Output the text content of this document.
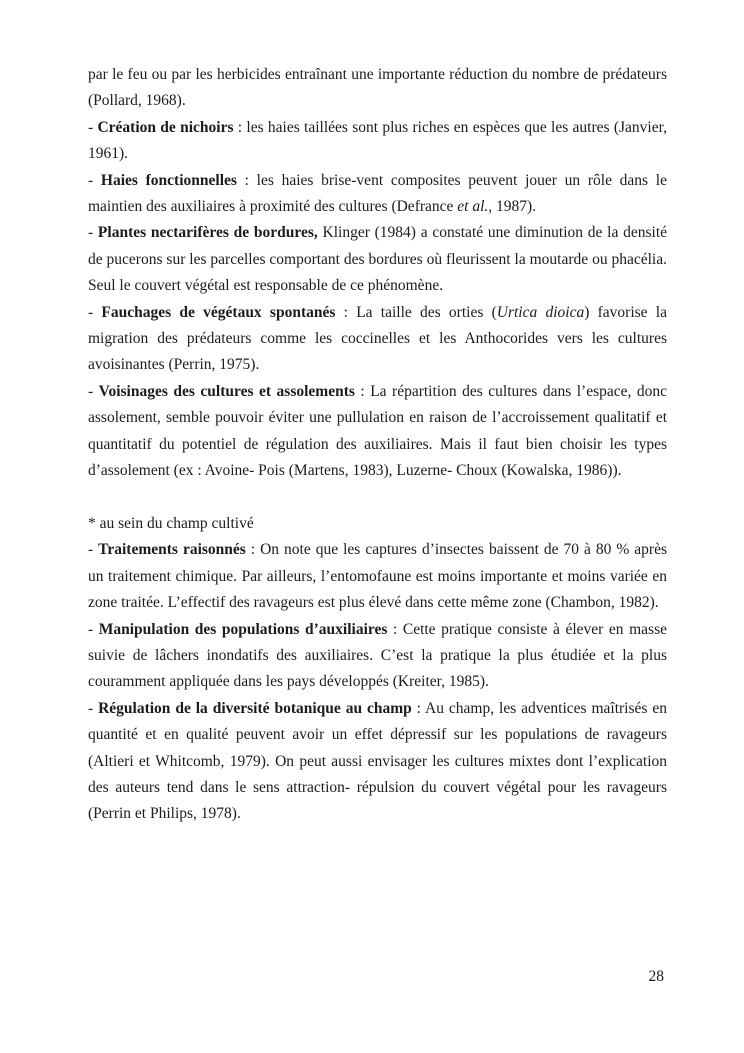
par le feu ou par les herbicides entraînant une importante réduction du nombre de prédateurs (Pollard, 1968).

- Création de nichoirs : les haies taillées sont plus riches en espèces que les autres (Janvier, 1961).

- Haies fonctionnelles : les haies brise-vent composites peuvent jouer un rôle dans le maintien des auxiliaires à proximité des cultures (Defrance et al., 1987).

- Plantes nectarifères de bordures, Klinger (1984) a constaté une diminution de la densité de pucerons sur les parcelles comportant des bordures où fleurissent la moutarde ou phacélia. Seul le couvert végétal est responsable de ce phénomène.

- Fauchages de végétaux spontanés : La taille des orties (Urtica dioica) favorise la migration des prédateurs comme les coccinelles et les Anthocorides vers les cultures avoisinantes (Perrin, 1975).

- Voisinages des cultures et assolements : La répartition des cultures dans l’espace, donc assolement, semble pouvoir éviter une pullulation en raison de l’accroissement qualitatif et quantitatif du potentiel de régulation des auxiliaires. Mais il faut bien choisir les types d’assolement (ex : Avoine- Pois (Martens, 1983), Luzerne- Choux (Kowalska, 1986)).

* au sein du champ cultivé

- Traitements raisonnés : On note que les captures d’insectes baissent de 70 à 80 % après un traitement chimique. Par ailleurs, l’entomofaune est moins importante et moins variée en zone traitée. L’effectif des ravageurs est plus élevé dans cette même zone (Chambon, 1982).

- Manipulation des populations d’auxiliaires : Cette pratique consiste à élever en masse suivie de lâchers inondatifs des auxiliaires. C’est la pratique la plus étudiée et la plus couramment appliquée dans les pays développés (Kreiter, 1985).

- Régulation de la diversité botanique au champ : Au champ, les adventices maîtrisés en quantité et en qualité peuvent avoir un effet dépressif sur les populations de ravageurs (Altieri et Whitcomb, 1979). On peut aussi envisager les cultures mixtes dont l’explication des auteurs tend dans le sens attraction- répulsion du couvert végétal pour les ravageurs (Perrin et Philips, 1978).

28
